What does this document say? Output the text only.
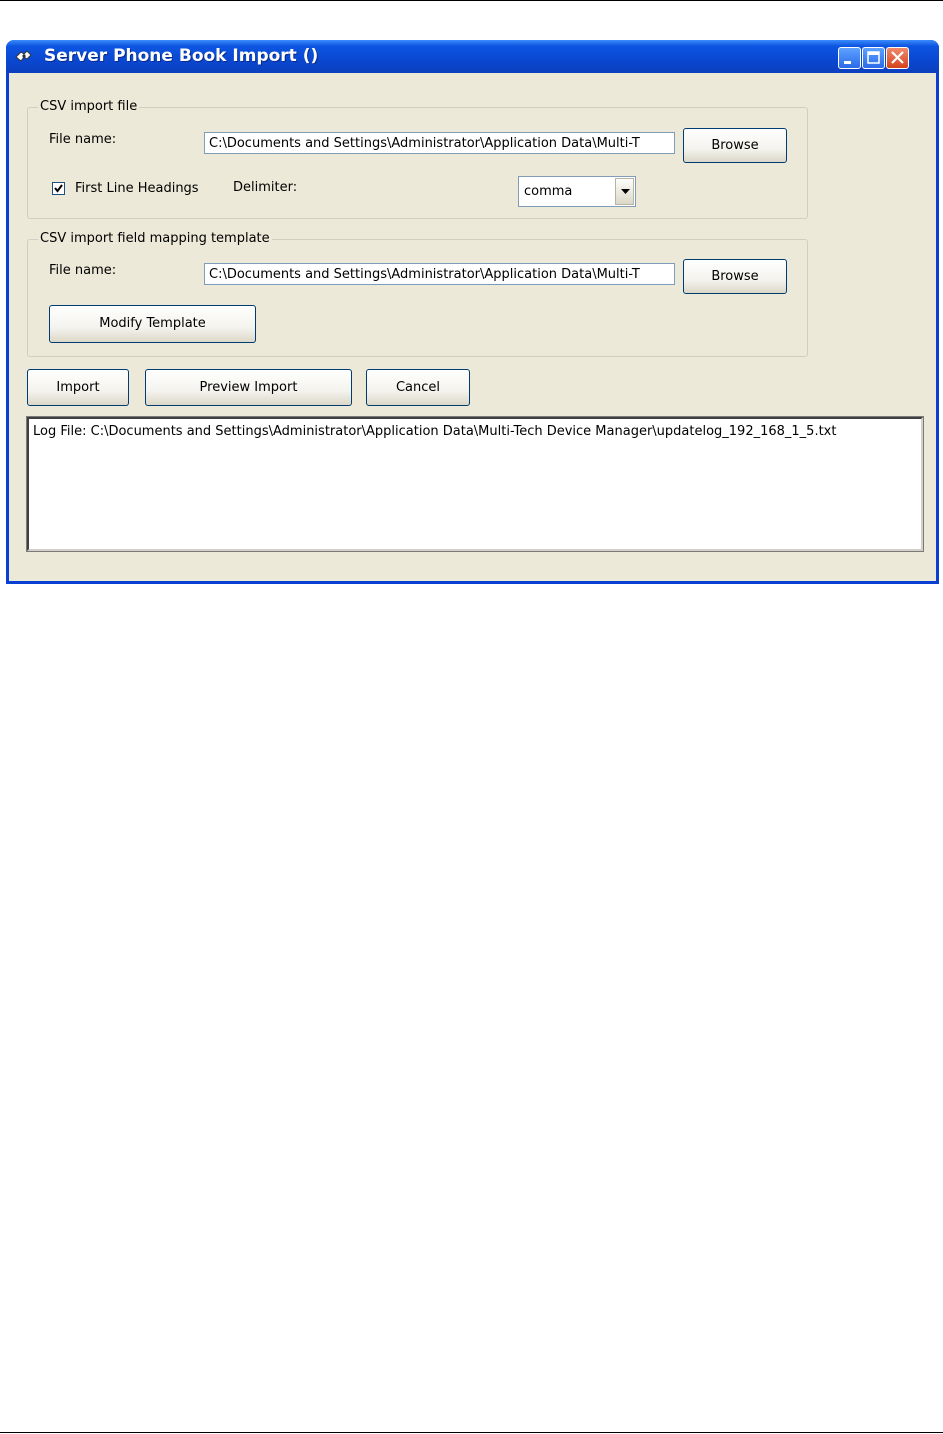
Server Phone Book Import ()
CSV import file
File name:	C:\Documents and Settings\Administrator\Application Data\Multi-T	Browse
First Line Headings	Delimiter:	comma
CSV import field mapping template
File name:	C:\Documents and Settings\Administrator\Application Data\Multi-T	Browse
Modify Template
Import	Preview Import	Cancel
Log File: C:\Documents and Settings\Administrator\Application Data\Multi-Tech Device Manager\updatelog_192_168_1_5.txt
